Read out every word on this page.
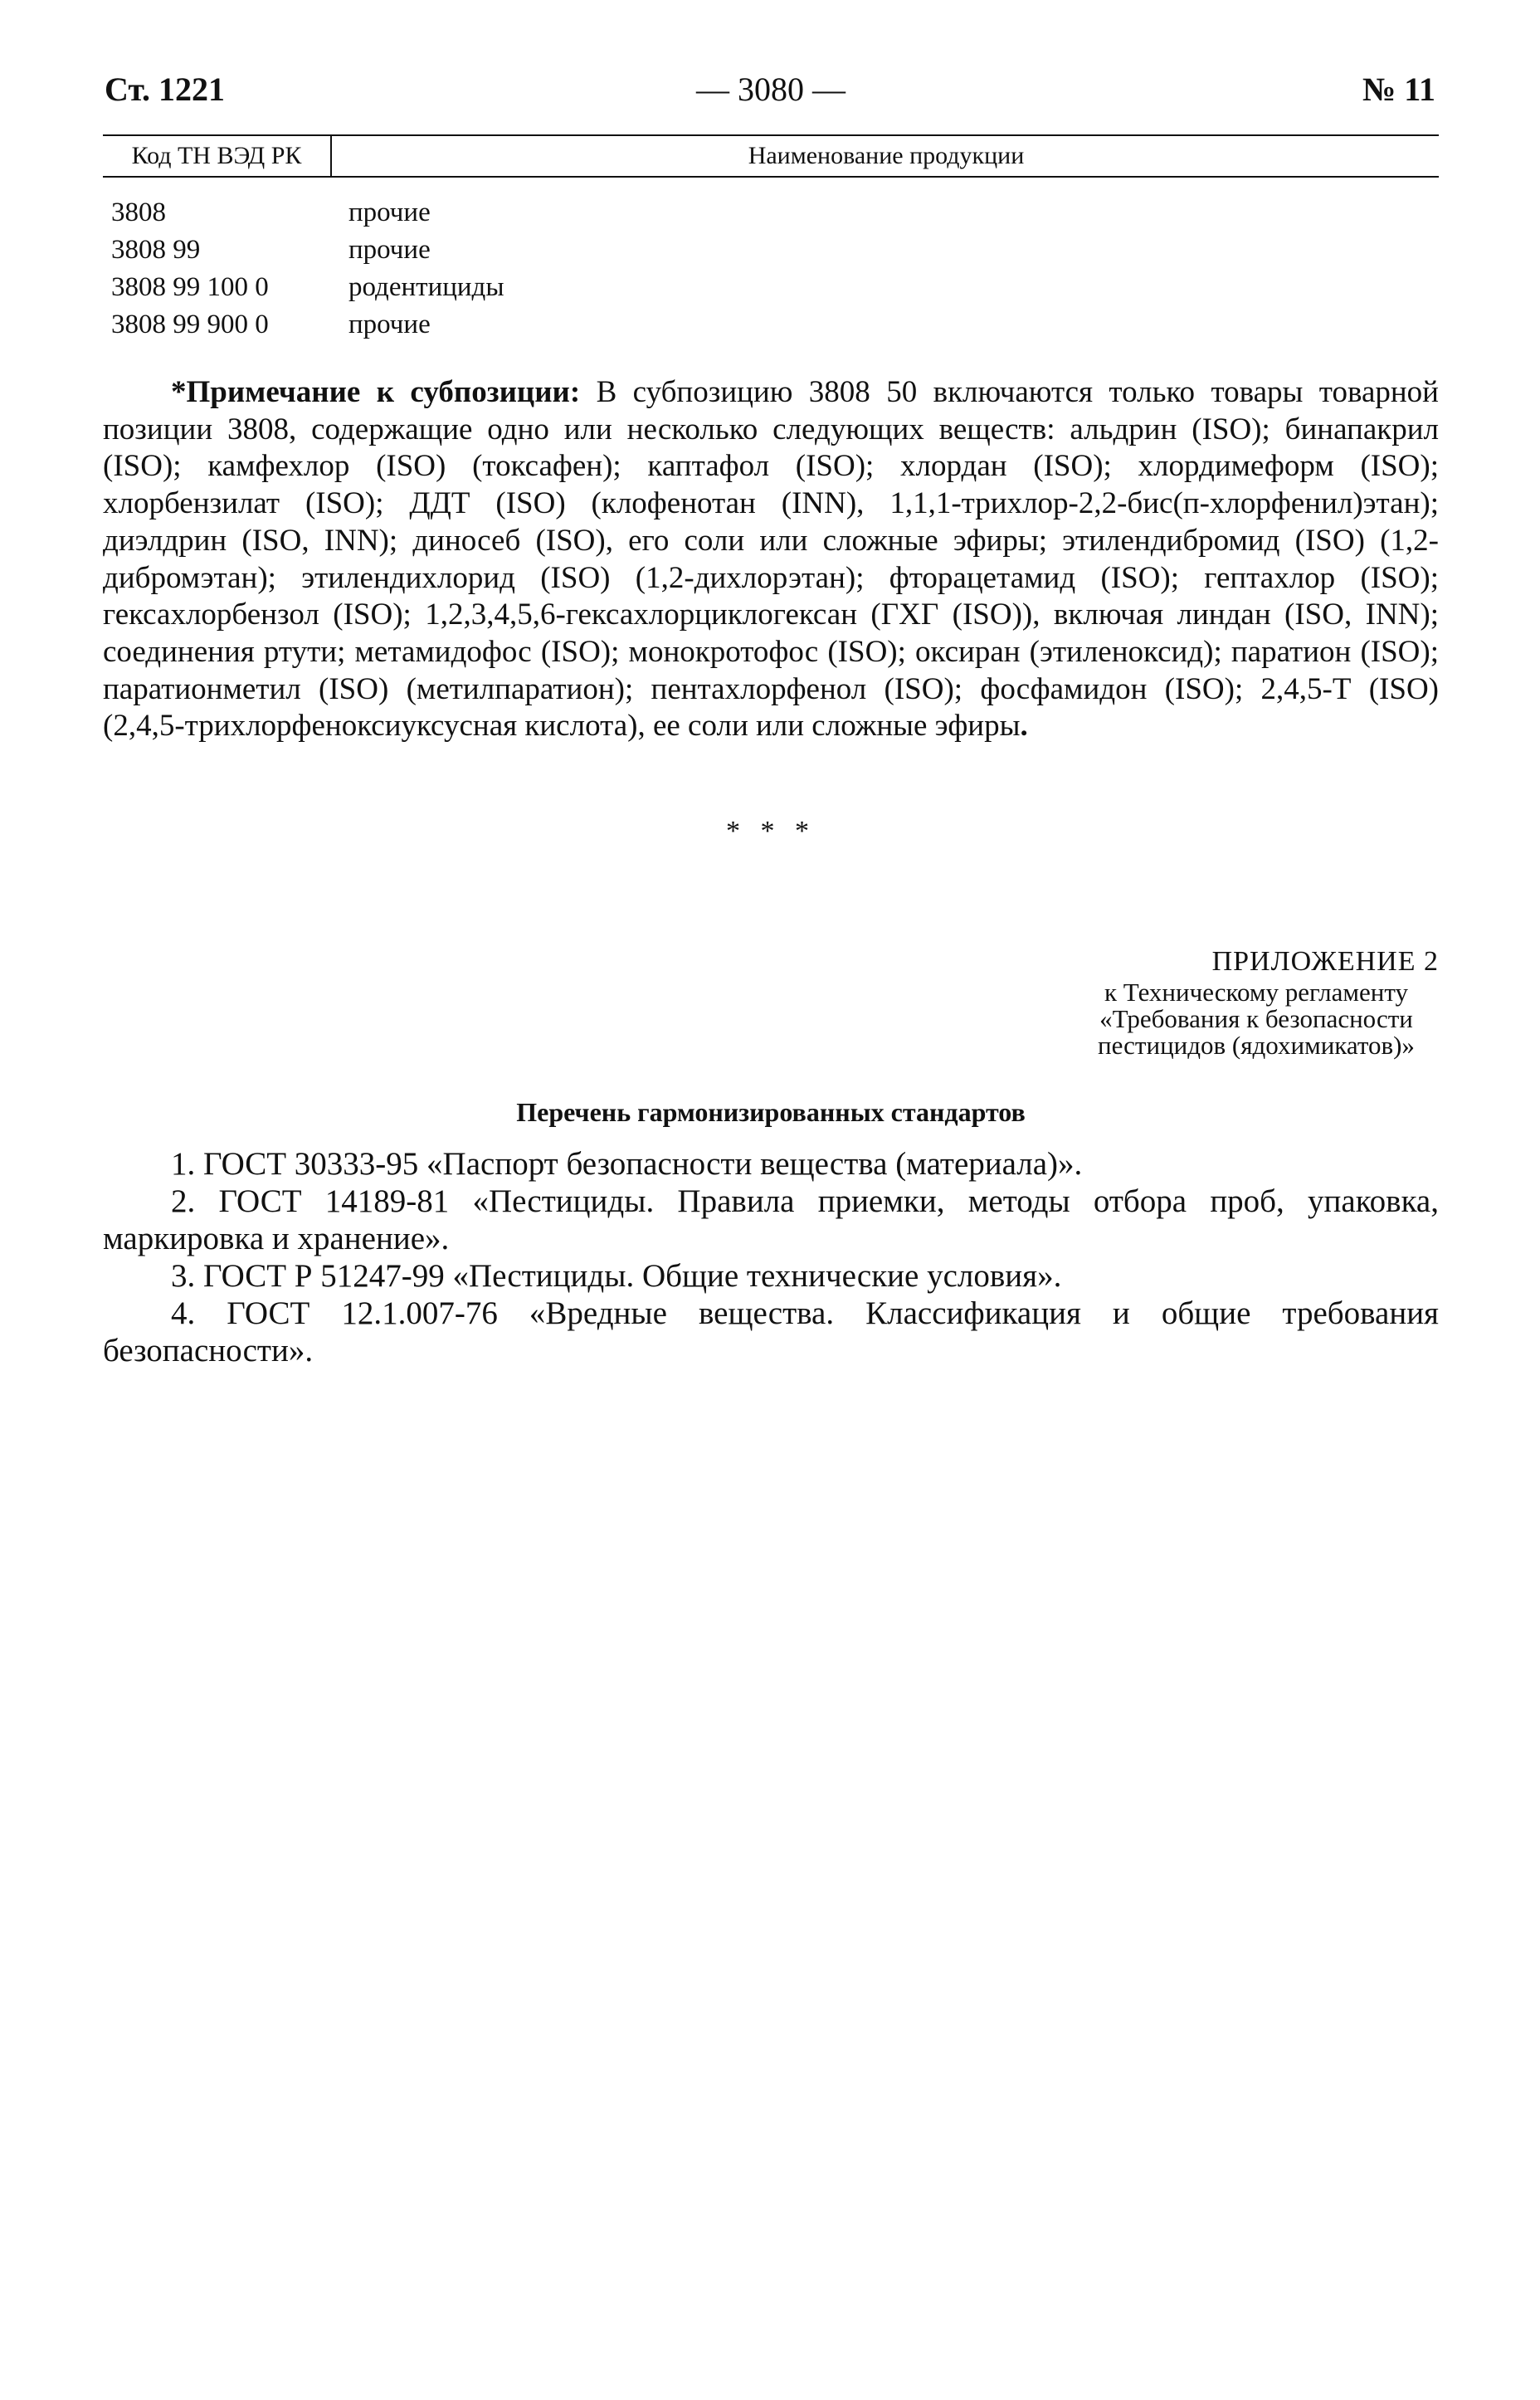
Ст. 1221	— 3080 —	№ 11
Код ТН ВЭД РК	Наименование продукции
3808	прочие
3808 99	прочие
3808 99 100 0	родентициды
3808 99 900 0	прочие

*Примечание к субпозиции: В субпозицию 3808 50 включаются только товары товарной позиции 3808, содержащие одно или несколько следующих веществ: альдрин (ISO); бинапакрил (ISO); камфехлор (ISO) (токсафен); каптафол (ISO); хлордан (ISO); хлордимеформ (ISO); хлорбензилат (ISO); ДДТ (ISO) (клофенотан (INN), 1,1,1-трихлор-2,2-бис(п-хлорфенил)этан); диэлдрин (ISO, INN); диносеб (ISO), его соли или сложные эфиры; этилендибромид (ISO) (1,2-дибромэтан); этилендихлорид (ISO) (1,2-дихлорэтан); фторацетамид (ISO); гептахлор (ISO); гексахлорбензол (ISO); 1,2,3,4,5,6-гексахлорциклогексан (ГХГ (ISO)), включая линдан (ISO, INN); соединения ртути; метамидофос (ISO); монокротофос (ISO); оксиран (этиленоксид); паратион (ISO); паратионметил (ISO) (метилпаратион); пентахлорфенол (ISO); фосфамидон (ISO); 2,4,5-Т (ISO) (2,4,5-трихлорфеноксиуксусная кислота), ее соли или сложные эфиры.

* * *
ПРИЛОЖЕНИЕ 2
к Техническому регламенту
«Требования к безопасности
пестицидов (ядохимикатов)»
Перечень гармонизированных стандартов

1. ГОСТ 30333-95 «Паспорт безопасности вещества (материала)».

2. ГОСТ 14189-81 «Пестициды. Правила приемки, методы отбора проб, упаковка, маркировка и хранение».

3. ГОСТ Р 51247-99 «Пестициды. Общие технические условия».

4. ГОСТ 12.1.007-76 «Вредные вещества. Классификация и общие требования безопасности».
